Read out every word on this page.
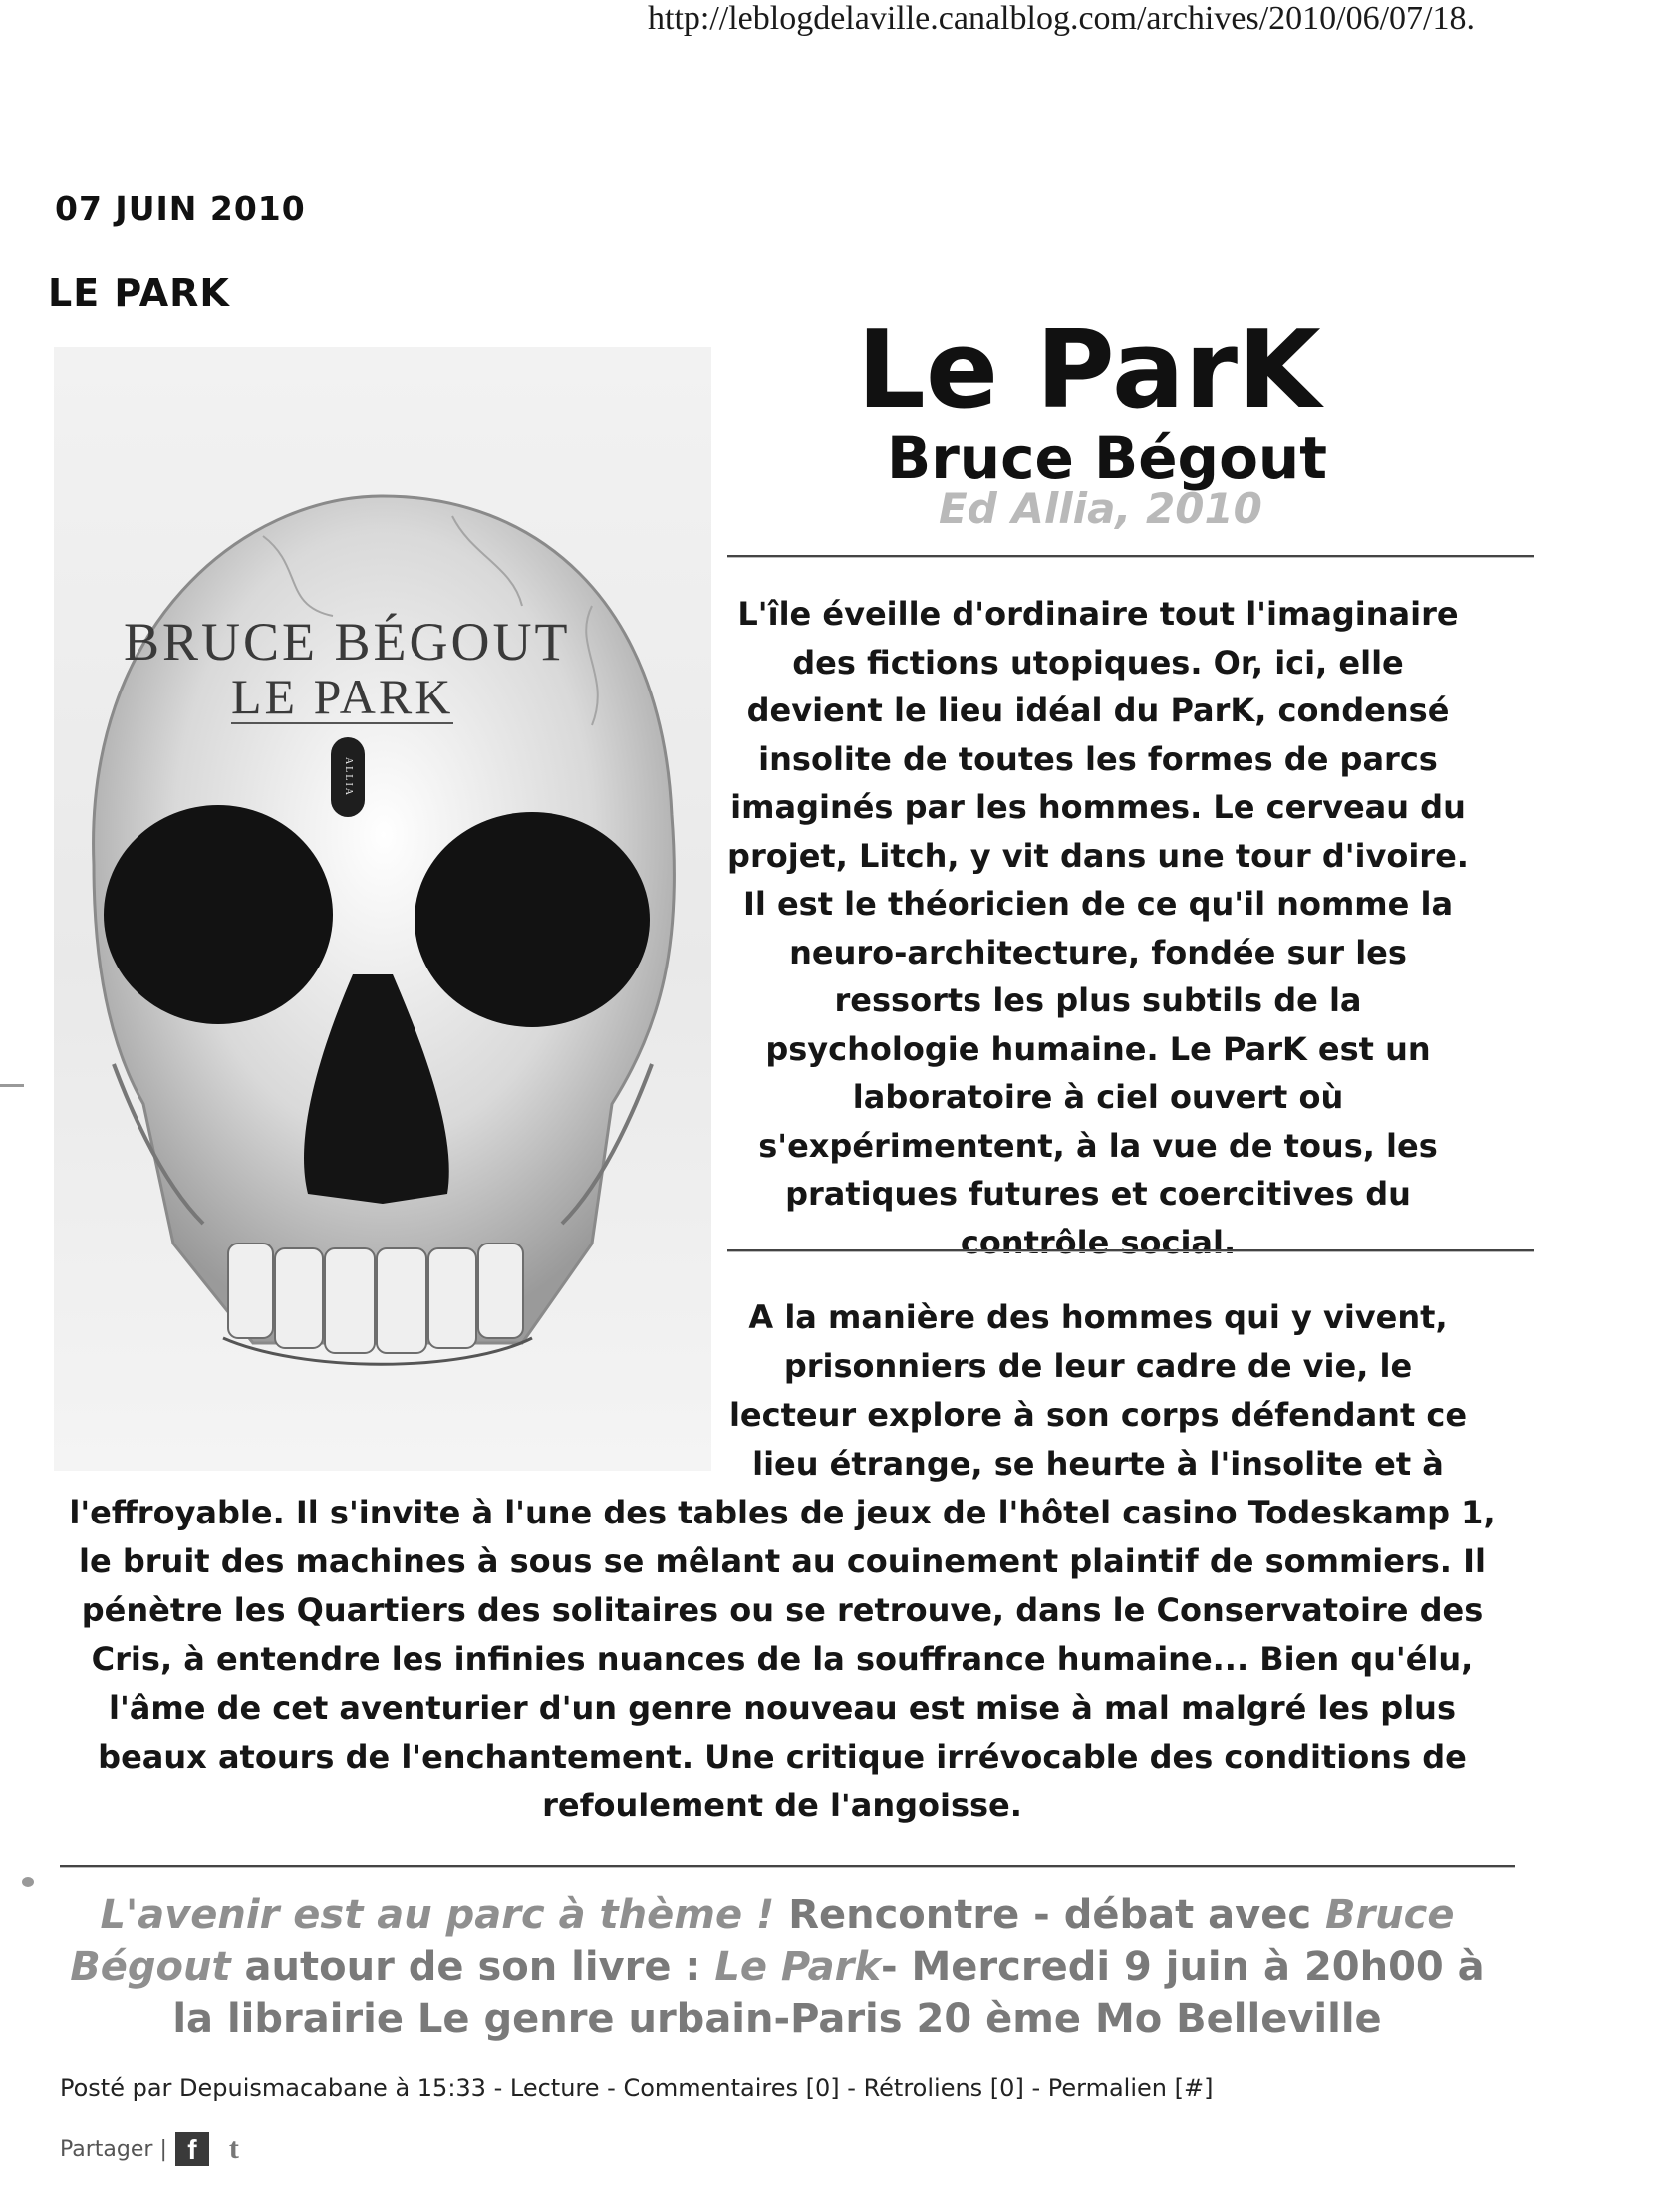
http://leblogdelaville.canalblog.com/archives/2010/06/07/18.
07 JUIN 2010
LE PARK
BRUCE BÉGOUT
LE PARK
ALLIA
Le ParK
Bruce Bégout
Ed Allia, 2010
L'île éveille d'ordinaire tout l'imaginaire des fictions utopiques. Or, ici, elle devient le lieu idéal du ParK, condensé insolite de toutes les formes de parcs imaginés par les hommes. Le cerveau du projet, Litch, y vit dans une tour d'ivoire. Il est le théoricien de ce qu'il nomme la neuro-architecture, fondée sur les ressorts les plus subtils de la psychologie humaine. Le ParK est un laboratoire à ciel ouvert où s'expérimentent, à la vue de tous, les pratiques futures et coercitives du contrôle social.
A la manière des hommes qui y vivent, prisonniers de leur cadre de vie, le lecteur explore à son corps défendant ce lieu étrange, se heurte à l'insolite et à
l'effroyable. Il s'invite à l'une des tables de jeux de l'hôtel casino Todeskamp 1, le bruit des machines à sous se mêlant au couinement plaintif de sommiers. Il pénètre les Quartiers des solitaires ou se retrouve, dans le Conservatoire des Cris, à entendre les infinies nuances de la souffrance humaine... Bien qu'élu, l'âme de cet aventurier d'un genre nouveau est mise à mal malgré les plus beaux atours de l'enchantement. Une critique irrévocable des conditions de refoulement de l'angoisse.
L'avenir est au parc à thème ! Rencontre - débat avec Bruce Bégout autour de son livre : Le Park- Mercredi 9 juin à 20h00 à la librairie Le genre urbain-Paris 20 ème Mo Belleville
Posté par Depuismacabane à 15:33 - Lecture - Commentaires [0] - Rétroliens [0] - Permalien [#]
Partager | f	t
